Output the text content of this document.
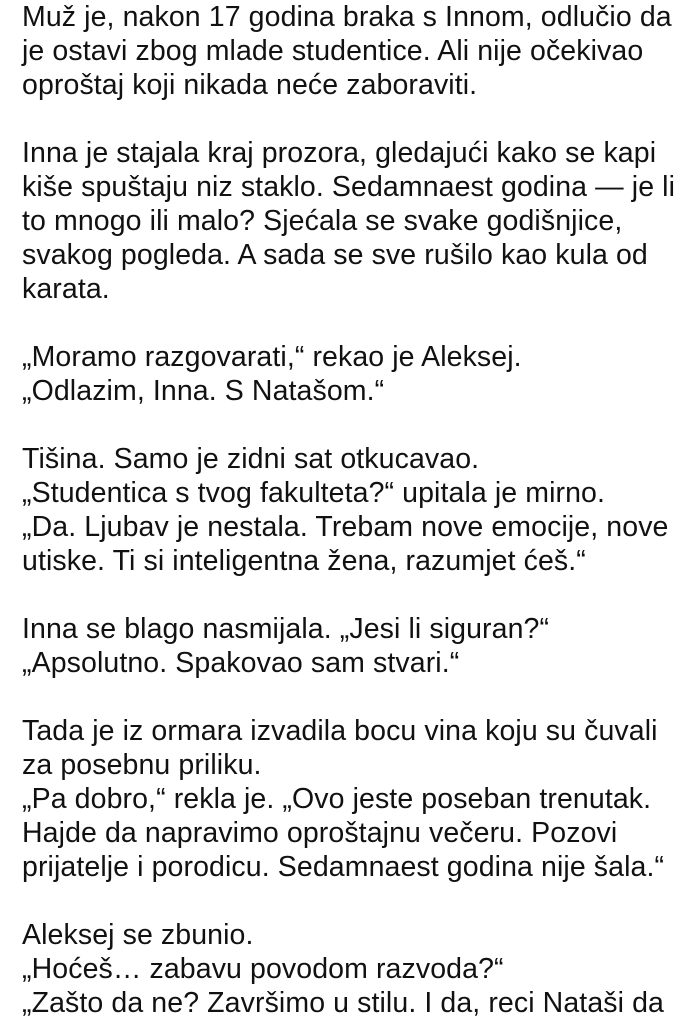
Muž je, nakon 17 godina braka s Innom, odlučio da
je ostavi zbog mlade studentice. Ali nije očekivao
oproštaj koji nikada neće zaboraviti.
Inna je stajala kraj prozora, gledajući kako se kapi
kiše spuštaju niz staklo. Sedamnaest godina — je li
to mnogo ili malo? Sjećala se svake godišnjice,
svakog pogleda. A sada se sve rušilo kao kula od
karata.
„Moramo razgovarati,“ rekao je Aleksej.
„Odlazim, Inna. S Natašom.“
Tišina. Samo je zidni sat otkucavao.
„Studentica s tvog fakulteta?“ upitala je mirno.
„Da. Ljubav je nestala. Trebam nove emocije, nove
utiske. Ti si inteligentna žena, razumjet ćeš.“
Inna se blago nasmijala. „Jesi li siguran?“
„Apsolutno. Spakovao sam stvari.“
Tada je iz ormara izvadila bocu vina koju su čuvali
za posebnu priliku.
„Pa dobro,“ rekla je. „Ovo jeste poseban trenutak.
Hajde da napravimo oproštajnu večeru. Pozovi
prijatelje i porodicu. Sedamnaest godina nije šala.“
Aleksej se zbunio.
„Hoćeš… zabavu povodom razvoda?“
„Zašto da ne? Završimo u stilu. I da, reci Nataši da
